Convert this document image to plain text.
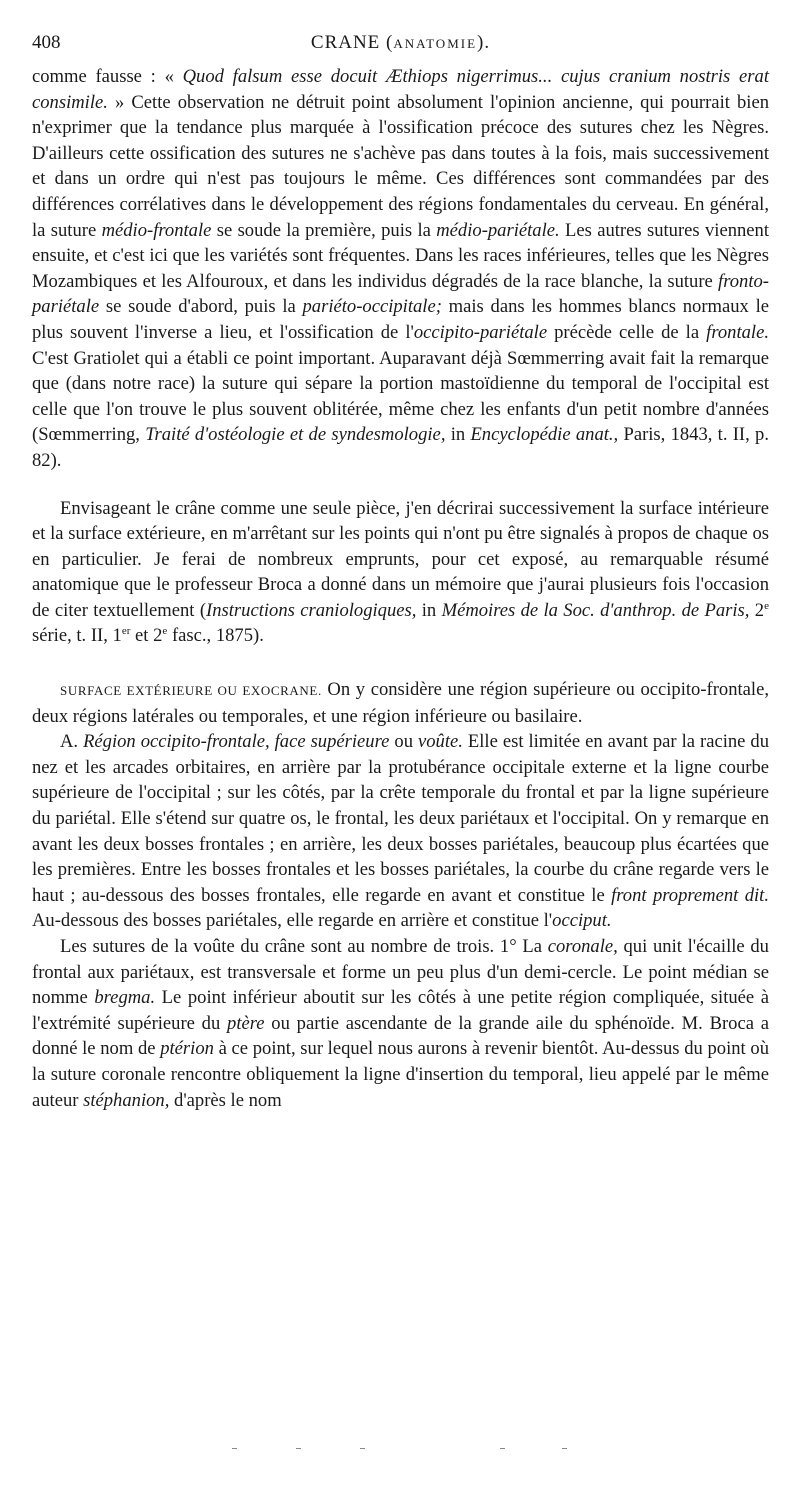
408	CRANE (ANATOMIE).

comme fausse : « Quod falsum esse docuit Æthiops nigerrimus... cujus cranium nostris erat consimile. » Cette observation ne détruit point absolument l'opinion ancienne, qui pourrait bien n'exprimer que la tendance plus marquée à l'ossification précoce des sutures chez les Nègres. D'ailleurs cette ossification des sutures ne s'achève pas dans toutes à la fois, mais successivement et dans un ordre qui n'est pas toujours le même. Ces différences sont commandées par des différences corrélatives dans le développement des régions fondamentales du cerveau. En général, la suture médio-frontale se soude la première, puis la médio-pariétale. Les autres sutures viennent ensuite, et c'est ici que les variétés sont fréquentes. Dans les races inférieures, telles que les Nègres Mozambiques et les Alfouroux, et dans les individus dégradés de la race blanche, la suture fronto-pariétale se soude d'abord, puis la pariéto-occipitale; mais dans les hommes blancs normaux le plus souvent l'inverse a lieu, et l'ossification de l'occipito-pariétale précède celle de la frontale. C'est Gratiolet qui a établi ce point important. Auparavant déjà Sœmmerring avait fait la remarque que (dans notre race) la suture qui sépare la portion mastoïdienne du temporal de l'occipital est celle que l'on trouve le plus souvent oblitérée, même chez les enfants d'un petit nombre d'années (Sœmmerring, Traité d'ostéologie et de syndesmologie, in Encyclopédie anat., Paris, 1843, t. II, p. 82).

Envisageant le crâne comme une seule pièce, j'en décrirai successivement la surface intérieure et la surface extérieure, en m'arrêtant sur les points qui n'ont pu être signalés à propos de chaque os en particulier. Je ferai de nombreux emprunts, pour cet exposé, au remarquable résumé anatomique que le professeur Broca a donné dans un mémoire que j'aurai plusieurs fois l'occasion de citer textuellement (Instructions craniologiques, in Mémoires de la Soc. d'anthrop. de Paris, 2e série, t. II, 1er et 2e fasc., 1875).

SURFACE EXTÉRIEURE OU EXOCRANE. On y considère une région supérieure ou occipito-frontale, deux régions latérales ou temporales, et une région inférieure ou basilaire.

A. Région occipito-frontale, face supérieure ou voûte. Elle est limitée en avant par la racine du nez et les arcades orbitaires, en arrière par la protubérance occipitale externe et la ligne courbe supérieure de l'occipital ; sur les côtés, par la crête temporale du frontal et par la ligne supérieure du pariétal. Elle s'étend sur quatre os, le frontal, les deux pariétaux et l'occipital. On y remarque en avant les deux bosses frontales ; en arrière, les deux bosses pariétales, beaucoup plus écartées que les premières. Entre les bosses frontales et les bosses pariétales, la courbe du crâne regarde vers le haut ; au-dessous des bosses frontales, elle regarde en avant et constitue le front proprement dit. Au-dessous des bosses pariétales, elle regarde en arrière et constitue l'occiput.

Les sutures de la voûte du crâne sont au nombre de trois. 1° La coronale, qui unit l'écaille du frontal aux pariétaux, est transversale et forme un peu plus d'un demi-cercle. Le point médian se nomme bregma. Le point inférieur aboutit sur les côtés à une petite région compliquée, située à l'extrémité supérieure du ptère ou partie ascendante de la grande aile du sphénoïde. M. Broca a donné le nom de ptérion à ce point, sur lequel nous aurons à revenir bientôt. Au-dessus du point où la suture coronale rencontre obliquement la ligne d'insertion du temporal, lieu appelé par le même auteur stéphanion, d'après le nom
